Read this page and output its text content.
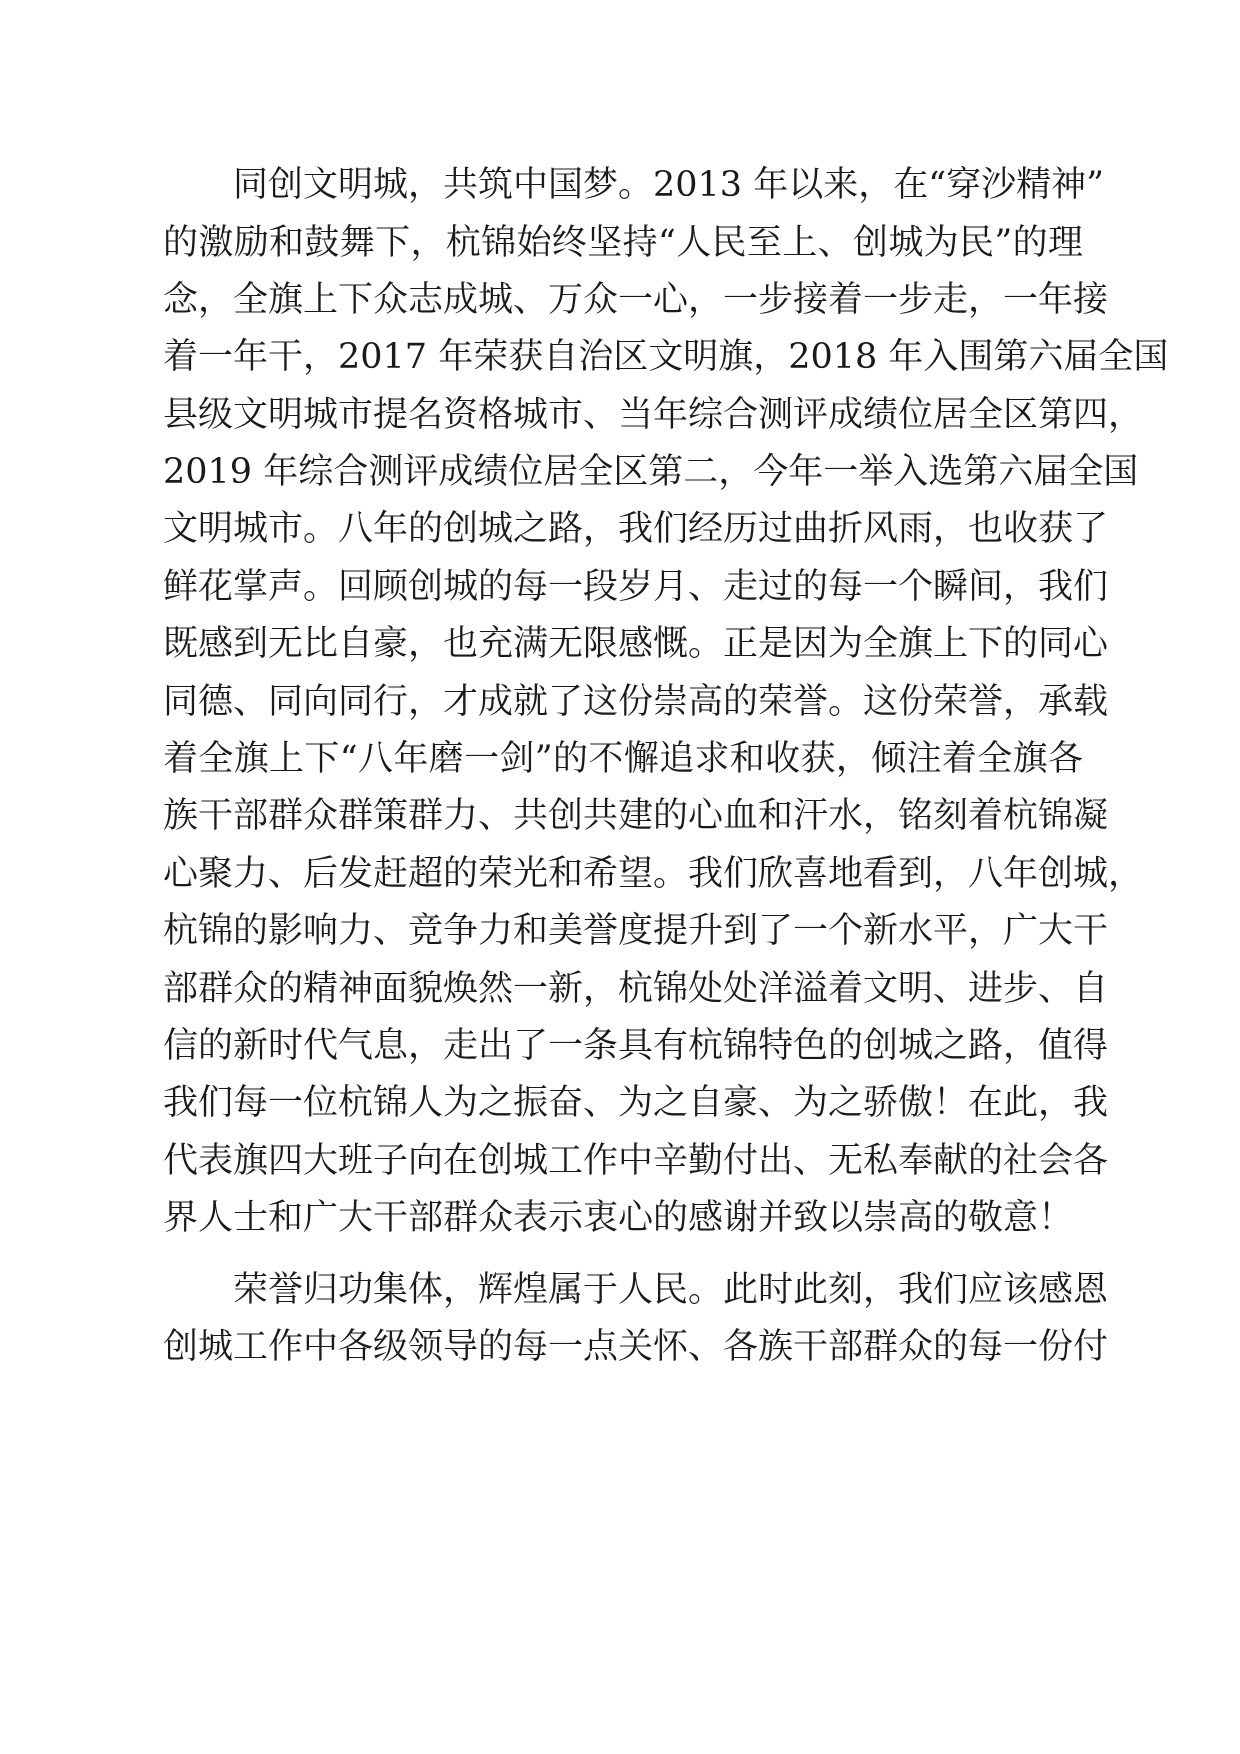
同创文明城，共筑中国梦。2013 年以来，在“穿沙精神”
的激励和鼓舞下，杭锦始终坚持“人民至上、创城为民”的理
念，全旗上下众志成城、万众一心，一步接着一步走，一年接
着一年干，2017 年荣获自治区文明旗，2018 年入围第六届全国
县级文明城市提名资格城市、当年综合测评成绩位居全区第四，
2019 年综合测评成绩位居全区第二，今年一举入选第六届全国
文明城市。八年的创城之路，我们经历过曲折风雨，也收获了
鲜花掌声。回顾创城的每一段岁月、走过的每一个瞬间，我们
既感到无比自豪，也充满无限感慨。正是因为全旗上下的同心
同德、同向同行，才成就了这份崇高的荣誉。这份荣誉，承载
着全旗上下“八年磨一剑”的不懈追求和收获，倾注着全旗各
族干部群众群策群力、共创共建的心血和汗水，铭刻着杭锦凝
心聚力、后发赶超的荣光和希望。我们欣喜地看到，八年创城，
杭锦的影响力、竞争力和美誉度提升到了一个新水平，广大干
部群众的精神面貌焕然一新，杭锦处处洋溢着文明、进步、自
信的新时代气息，走出了一条具有杭锦特色的创城之路，值得
我们每一位杭锦人为之振奋、为之自豪、为之骄傲！在此，我
代表旗四大班子向在创城工作中辛勤付出、无私奉献的社会各
界人士和广大干部群众表示衷心的感谢并致以崇高的敬意！
荣誉归功集体，辉煌属于人民。此时此刻，我们应该感恩
创城工作中各级领导的每一点关怀、各族干部群众的每一份付
